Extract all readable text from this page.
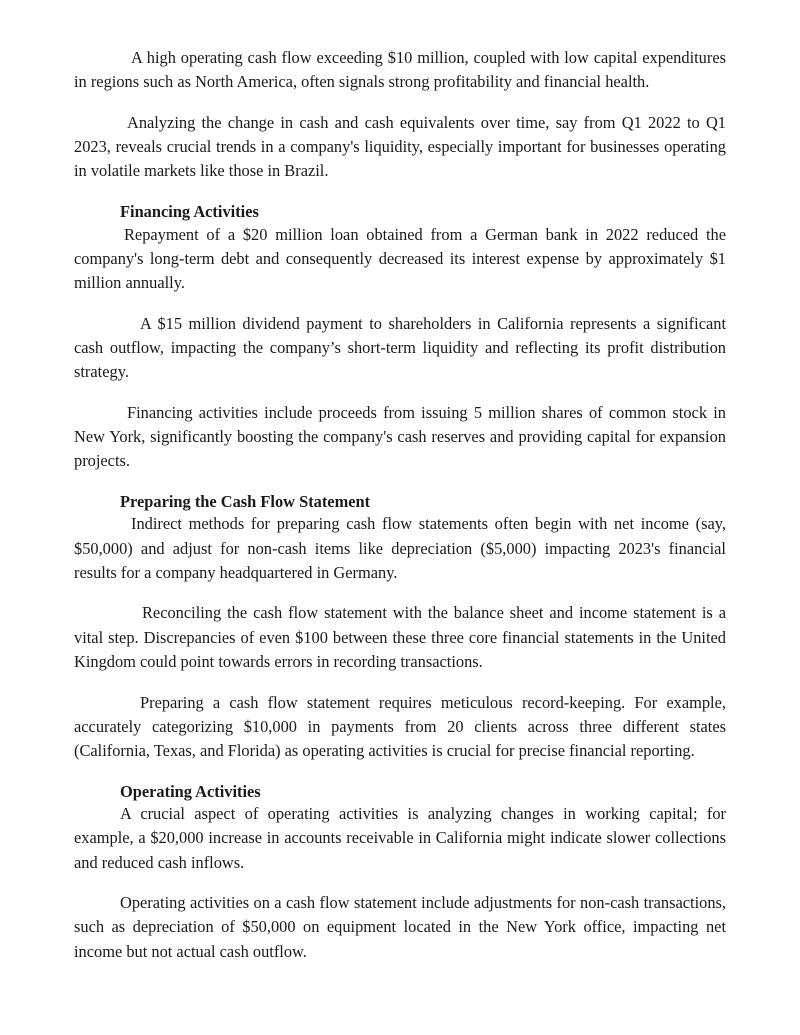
A high operating cash flow exceeding $10 million, coupled with low capital expenditures in regions such as North America, often signals strong profitability and financial health.

Analyzing the change in cash and cash equivalents over time, say from Q1 2022 to Q1 2023, reveals crucial trends in a company's liquidity, especially important for businesses operating in volatile markets like those in Brazil.

Financing Activities

Repayment of a $20 million loan obtained from a German bank in 2022 reduced the company's long-term debt and consequently decreased its interest expense by approximately $1 million annually.

A $15 million dividend payment to shareholders in California represents a significant cash outflow, impacting the company’s short-term liquidity and reflecting its profit distribution strategy.

Financing activities include proceeds from issuing 5 million shares of common stock in New York, significantly boosting the company's cash reserves and providing capital for expansion projects.

Preparing the Cash Flow Statement

Indirect methods for preparing cash flow statements often begin with net income (say, $50,000) and adjust for non-cash items like depreciation ($5,000) impacting 2023's financial results for a company headquartered in Germany.

Reconciling the cash flow statement with the balance sheet and income statement is a vital step. Discrepancies of even $100 between these three core financial statements in the United Kingdom could point towards errors in recording transactions.

Preparing a cash flow statement requires meticulous record-keeping. For example, accurately categorizing $10,000 in payments from 20 clients across three different states (California, Texas, and Florida) as operating activities is crucial for precise financial reporting.

Operating Activities

A crucial aspect of operating activities is analyzing changes in working capital; for example, a $20,000 increase in accounts receivable in California might indicate slower collections and reduced cash inflows.

Operating activities on a cash flow statement include adjustments for non-cash transactions, such as depreciation of $50,000 on equipment located in the New York office, impacting net income but not actual cash outflow.
